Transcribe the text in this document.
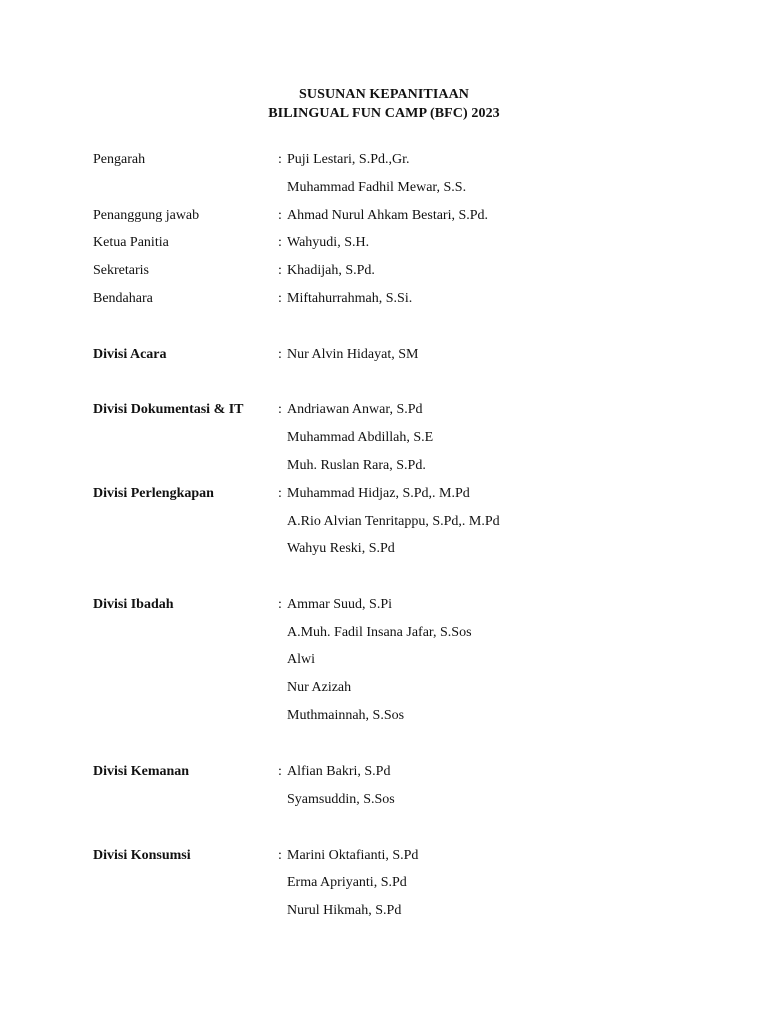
SUSUNAN KEPANITIAAN
BILINGUAL FUN CAMP (BFC) 2023
Pengarah	: Puji Lestari, S.Pd.,Gr.
Muhammad Fadhil Mewar, S.S.
Penanggung jawab	: Ahmad Nurul Ahkam Bestari, S.Pd.
Ketua Panitia	: Wahyudi, S.H.
Sekretaris	: Khadijah, S.Pd.
Bendahara	: Miftahurrahmah, S.Si.
Divisi Acara	: Nur Alvin Hidayat, SM
Divisi Dokumentasi & IT : Andriawan Anwar, S.Pd
Muhammad Abdillah, S.E
Muh. Ruslan Rara, S.Pd.
Divisi Perlengkapan	: Muhammad Hidjaz, S.Pd,. M.Pd
A.Rio Alvian Tenritappu, S.Pd,. M.Pd
Wahyu Reski, S.Pd
Divisi Ibadah	: Ammar Suud, S.Pi
A.Muh. Fadil Insana Jafar, S.Sos
Alwi
Nur Azizah
Muthmainnah, S.Sos
Divisi Kemanan	: Alfian Bakri, S.Pd
Syamsuddin, S.Sos
Divisi Konsumsi	: Marini Oktafianti, S.Pd
Erma Apriyanti, S.Pd
Nurul Hikmah, S.Pd
